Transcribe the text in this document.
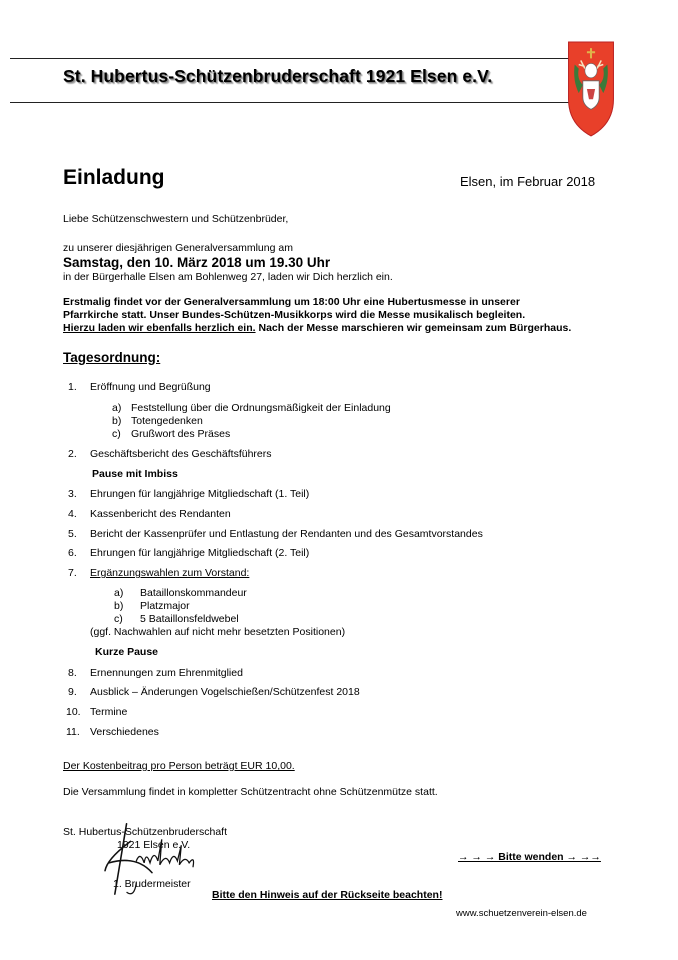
St. Hubertus-Schützenbruderschaft 1921 Elsen e.V.
Einladung	Elsen, im Februar 2018
Liebe Schützenschwestern und Schützenbrüder,
zu unserer diesjährigen Generalversammlung am
Samstag, den 10. März 2018 um 19.30 Uhr
in der Bürgerhalle Elsen am Bohlenweg 27, laden wir Dich herzlich ein.
Erstmalig findet vor der Generalversammlung um 18:00 Uhr eine Hubertusmesse in unserer
Pfarrkirche statt. Unser Bundes-Schützen-Musikkorps wird die Messe musikalisch begleiten.
Hierzu laden wir ebenfalls herzlich ein. Nach der Messe marschieren wir gemeinsam zum Bürgerhaus.
Tagesordnung:
1. Eröffnung und Begrüßung
a) Feststellung über die Ordnungsmäßigkeit der Einladung
b) Totengedenken
c) Grußwort des Präses
2. Geschäftsbericht des Geschäftsführers
Pause mit Imbiss
3. Ehrungen für langjährige Mitgliedschaft (1. Teil)
4. Kassenbericht des Rendanten
5. Bericht der Kassenprüfer und Entlastung der Rendanten und des Gesamtvorstandes
6. Ehrungen für langjährige Mitgliedschaft (2. Teil)
7. Ergänzungswahlen zum Vorstand:
a) Bataillonskommandeur
b) Platzmajor
c) 5 Bataillonsfeldwebel
(ggf. Nachwahlen auf nicht mehr besetzten Positionen)
Kurze Pause
8. Ernennungen zum Ehrenmitglied
9. Ausblick – Änderungen Vogelschießen/Schützenfest 2018
10. Termine
11. Verschiedenes
Der Kostenbeitrag pro Person beträgt EUR 10,00.
Die Versammlung findet in kompletter Schützentracht ohne Schützenmütze statt.
St. Hubertus-Schützenbruderschaft
1921 Elsen e.V.
1. Brudermeister
→ → → Bitte wenden → →→
Bitte den Hinweis auf der Rückseite beachten!
www.schuetzenverein-elsen.de
